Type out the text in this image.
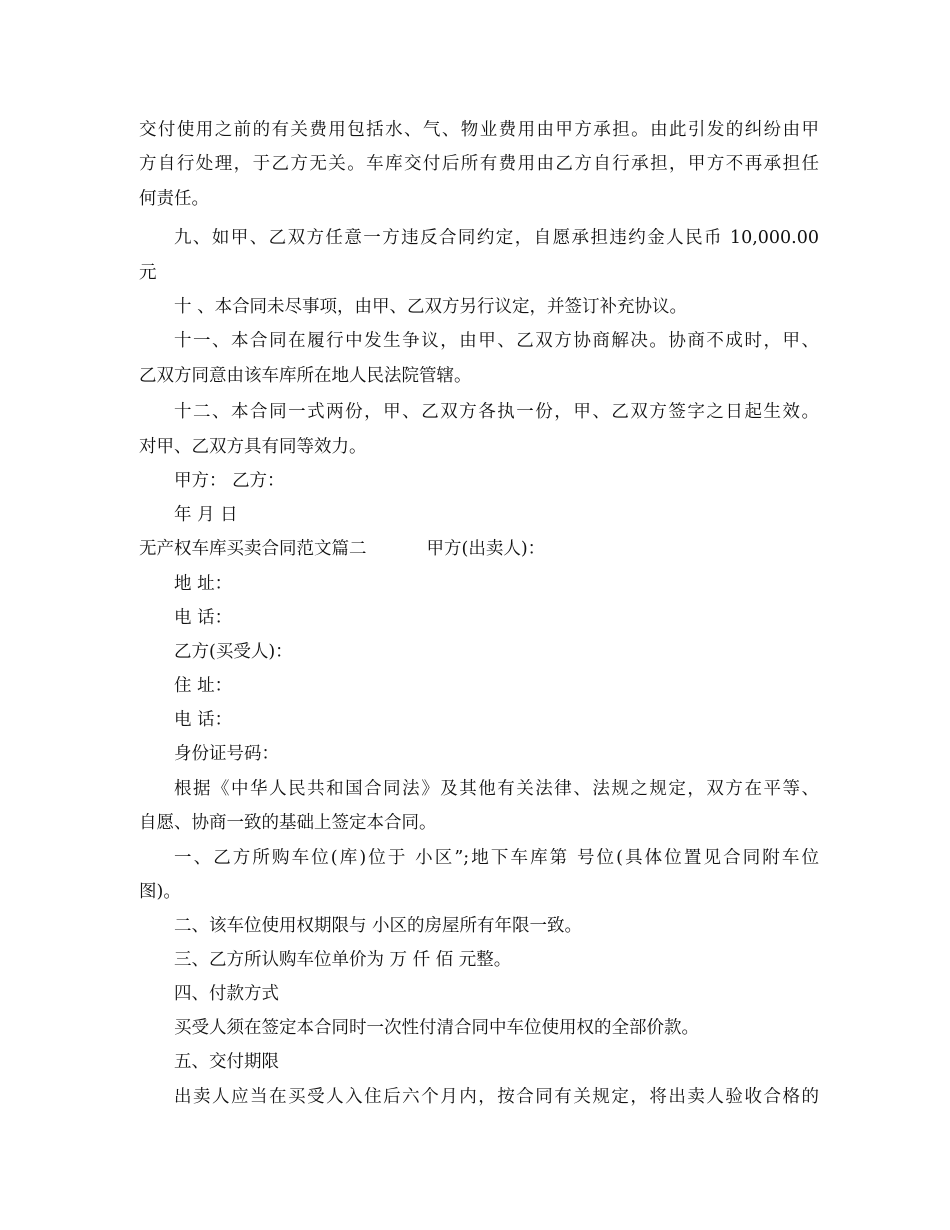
交付使用之前的有关费用包括水、气、物业费用由甲方承担。由此引发的纠纷由甲
方自行处理，于乙方无关。车库交付后所有费用由乙方自行承担，甲方不再承担任
何责任。
九、如甲、乙双方任意一方违反合同约定，自愿承担违约金人民币 10,000.00
元
十 、本合同未尽事项，由甲、乙双方另行议定，并签订补充协议。
十一、本合同在履行中发生争议，由甲、乙双方协商解决。协商不成时，甲、
乙双方同意由该车库所在地人民法院管辖。
十二、本合同一式两份，甲、乙双方各执一份，甲、乙双方签字之日起生效。
对甲、乙双方具有同等效力。
甲方： 乙方：
年 月 日
无产权车库买卖合同范文篇二	甲方(出卖人)：
地 址：
电 话：
乙方(买受人)：
住 址：
电 话：
身份证号码：
根据《中华人民共和国合同法》及其他有关法律、法规之规定，双方在平等、
自愿、协商一致的基础上签定本合同。
一、乙方所购车位(库)位于 小区”;地下车库第 号位(具体位置见合同附车位
图)。
二、该车位使用权期限与 小区的房屋所有年限一致。
三、乙方所认购车位单价为 万 仟 佰 元整。
四、付款方式
买受人须在签定本合同时一次性付清合同中车位使用权的全部价款。
五、交付期限
出卖人应当在买受人入住后六个月内，按合同有关规定，将出卖人验收合格的
